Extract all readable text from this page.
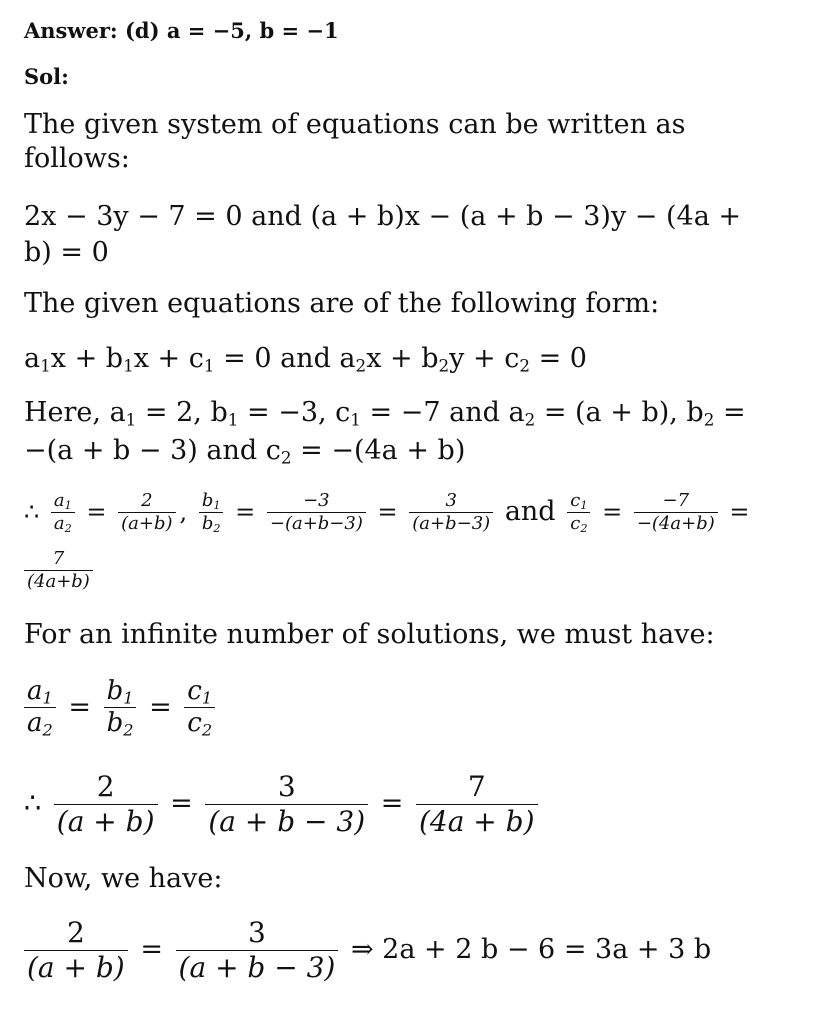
Answer: (d) a = −5, b = −1
Sol:
The given system of equations can be written as
follows:
2x − 3y − 7 = 0 and (a + b)x − (a + b − 3)y − (4a +
b) = 0
The given equations are of the following form:
$a_1x + b_1x + c_1 = 0$ and $a_2x + b_2y + c_2 = 0$
Here, $a_1 = 2$, $b_1 = -3$, $c_1 = -7$ and $a_2 = (a + b)$, $b_2$ =
−(a + b − 3) and $c_2 = -(4a + b)$
∴ $\frac{a_1}{a_2} = \frac{2}{(a+b)}$ , $\frac{b_1}{b_2} = \frac{-3}{-(a+b-3)} = \frac{3}{(a+b-3)}$ and $\frac{c_1}{c_2} = \frac{-7}{-(4a+b)}$ =
$\frac{7}{(4a+b)}$
For an infinite number of solutions, we must have:
$\frac{a_1}{a_2} = \frac{b_1}{b_2} = \frac{c_1}{c_2}$
∴ $\frac{2}{(a + b)} = \frac{3}{(a + b - 3)} = \frac{7}{(4a + b)}$
Now, we have:
$\frac{2}{(a + b)} = \frac{3}{(a + b - 3)}$ ⇒ 2a + 2 b − 6 = 3a + 3 b
